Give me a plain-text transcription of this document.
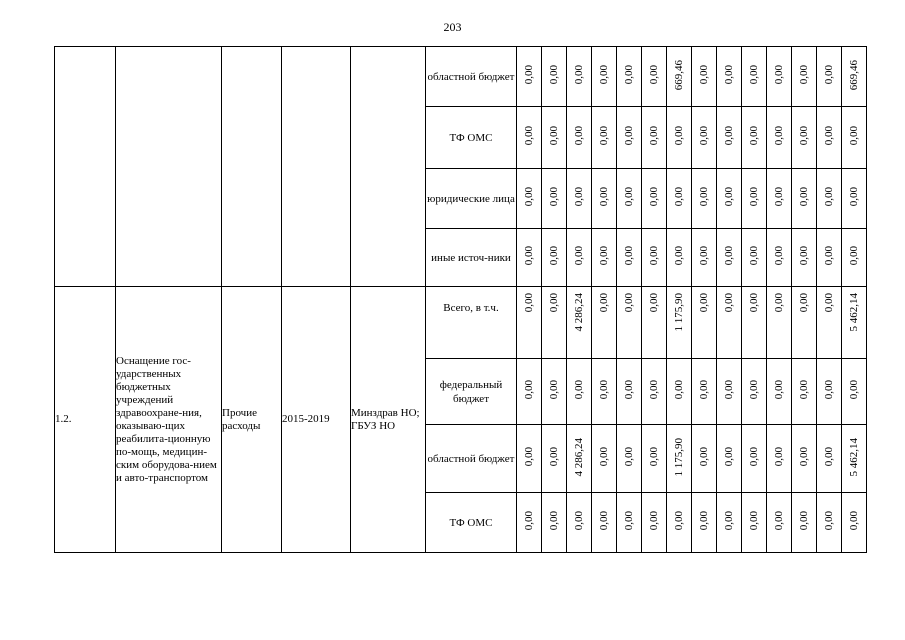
203
					областной бюджет	0,00	0,00	0,00	0,00	0,00	0,00	669,46	0,00	0,00	0,00	0,00	0,00	0,00	669,46
					ТФ ОМС	0,00	0,00	0,00	0,00	0,00	0,00	0,00	0,00	0,00	0,00	0,00	0,00	0,00	0,00
					юридические лица	0,00	0,00	0,00	0,00	0,00	0,00	0,00	0,00	0,00	0,00	0,00	0,00	0,00	0,00
					иные источ-ники	0,00	0,00	0,00	0,00	0,00	0,00	0,00	0,00	0,00	0,00	0,00	0,00	0,00	0,00
1.2.	Оснащение гос-ударственных бюджетных учреждений здравоохране-ния, оказываю-щих реабилита-ционную по-мощь, медицин-ским оборудова-нием и авто-транспортом	Прочие расходы	2015-2019	Минздрав НО; ГБУЗ НО	Всего, в т.ч.	0,00	0,00	4 286,24	0,00	0,00	0,00	1 175,90	0,00	0,00	0,00	0,00	0,00	0,00	5 462,14
					федеральный бюджет	0,00	0,00	0,00	0,00	0,00	0,00	0,00	0,00	0,00	0,00	0,00	0,00	0,00	0,00
					областной бюджет	0,00	0,00	4 286,24	0,00	0,00	0,00	1 175,90	0,00	0,00	0,00	0,00	0,00	0,00	5 462,14
					ТФ ОМС	0,00	0,00	0,00	0,00	0,00	0,00	0,00	0,00	0,00	0,00	0,00	0,00	0,00	0,00
